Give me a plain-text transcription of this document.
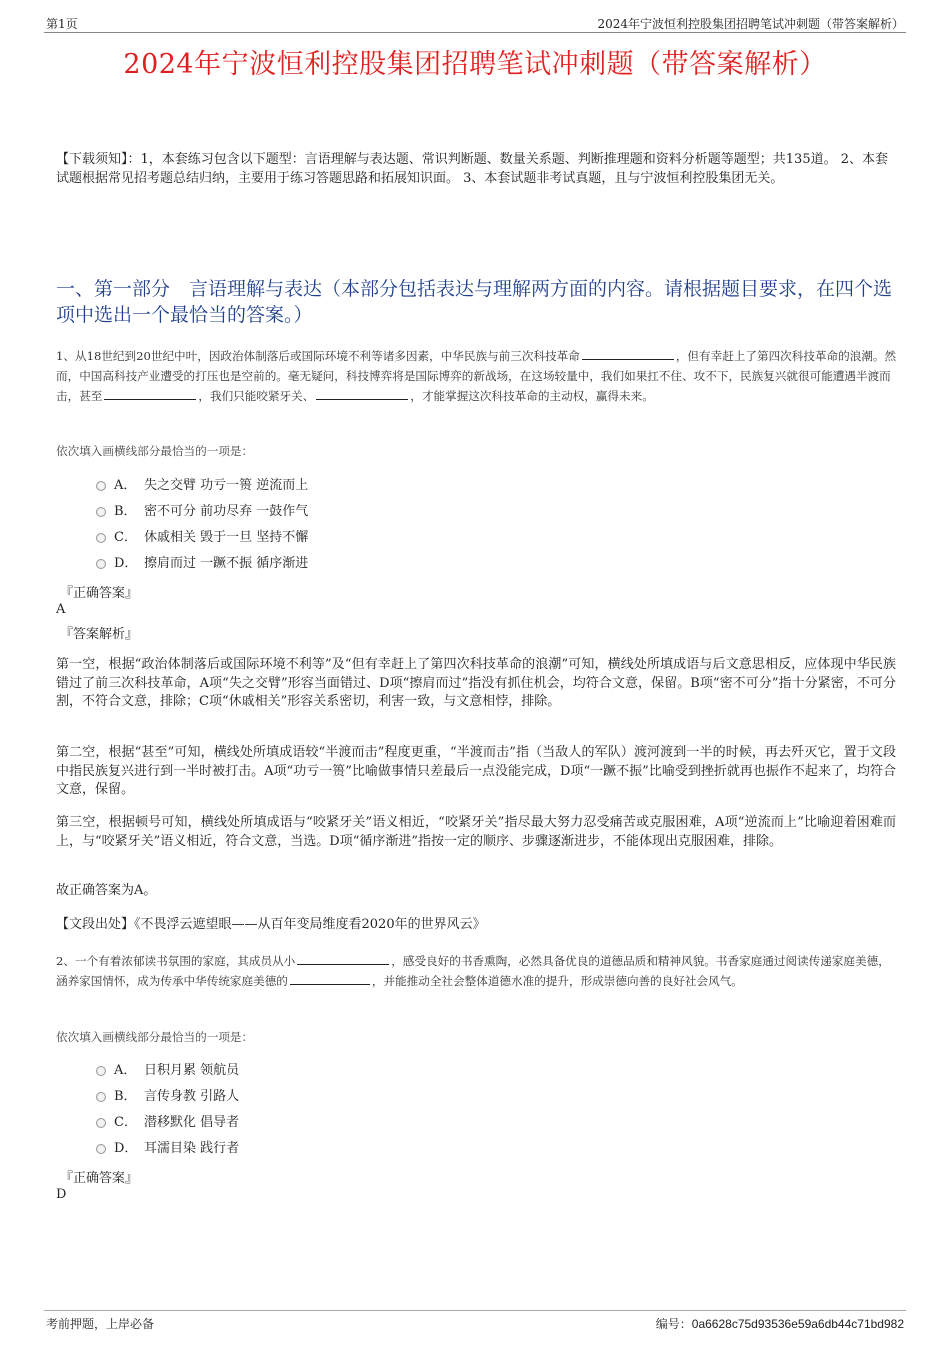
第1页	2024年宁波恒利控股集团招聘笔试冲刺题（带答案解析）
2024年宁波恒利控股集团招聘笔试冲刺题（带答案解析）
【下载须知】：1，本套练习包含以下题型：言语理解与表达题、常识判断题、数量关系题、判断推理题和资料分析题等题型；共135道。 2、本套试题根据常见招考题总结归纳，主要用于练习答题思路和拓展知识面。 3、本套试题非考试真题，且与宁波恒利控股集团无关。
一、第一部分　言语理解与表达（本部分包括表达与理解两方面的内容。请根据题目要求，在四个选项中选出一个最恰当的答案。）
1、从18世纪到20世纪中叶，因政治体制落后或国际环境不利等诸多因素，中华民族与前三次科技革命	，但有幸赶上了第四次科技革命的浪潮。然而，中国高科技产业遭受的打压也是空前的。毫无疑问，科技博弈将是国际博弈的新战场，在这场较量中，我们如果扛不住、攻不下，民族复兴就很可能遭遇半渡而击，甚至	，我们只能咬紧牙关、	，才能掌握这次科技革命的主动权，赢得未来。
依次填入画横线部分最恰当的一项是：
A． 失之交臂 功亏一篑 逆流而上
B． 密不可分 前功尽弃 一鼓作气
C． 休戚相关 毁于一旦 坚持不懈
D． 擦肩而过 一蹶不振 循序渐进
『正确答案』
A
『答案解析』
第一空，根据“政治体制落后或国际环境不利等”及“但有幸赶上了第四次科技革命的浪潮”可知，横线处所填成语与后文意思相反，应体现中华民族错过了前三次科技革命，A项“失之交臂”形容当面错过、D项“擦肩而过”指没有抓住机会，均符合文意，保留。B项“密不可分”指十分紧密，不可分割，不符合文意，排除；C项“休戚相关”形容关系密切，利害一致，与文意相悖，排除。
第二空，根据“甚至”可知，横线处所填成语较“半渡而击”程度更重，“半渡而击”指（当敌人的军队）渡河渡到一半的时候，再去歼灭它，置于文段中指民族复兴进行到一半时被打击。A项“功亏一篑”比喻做事情只差最后一点没能完成，D项“一蹶不振”比喻受到挫折就再也振作不起来了，均符合文意，保留。
第三空，根据顿号可知，横线处所填成语与“咬紧牙关”语义相近，“咬紧牙关”指尽最大努力忍受痛苦或克服困难，A项“逆流而上”比喻迎着困难而上，与“咬紧牙关”语义相近，符合文意，当选。D项“循序渐进”指按一定的顺序、步骤逐渐进步，不能体现出克服困难，排除。
故正确答案为A。
【文段出处】《不畏浮云遮望眼——从百年变局维度看2020年的世界风云》
2、一个有着浓郁读书氛围的家庭，其成员从小	，感受良好的书香熏陶，必然具备优良的道德品质和精神风貌。书香家庭通过阅读传递家庭美德，涵养家国情怀，成为传承中华传统家庭美德的	，并能推动全社会整体道德水准的提升，形成崇德向善的良好社会风气。
依次填入画横线部分最恰当的一项是：
A． 日积月累 领航员
B． 言传身教 引路人
C． 潜移默化 倡导者
D． 耳濡目染 践行者
『正确答案』
D
考前押题，上岸必备	编号：0a6628c75d93536e59a6db44c71bd982
